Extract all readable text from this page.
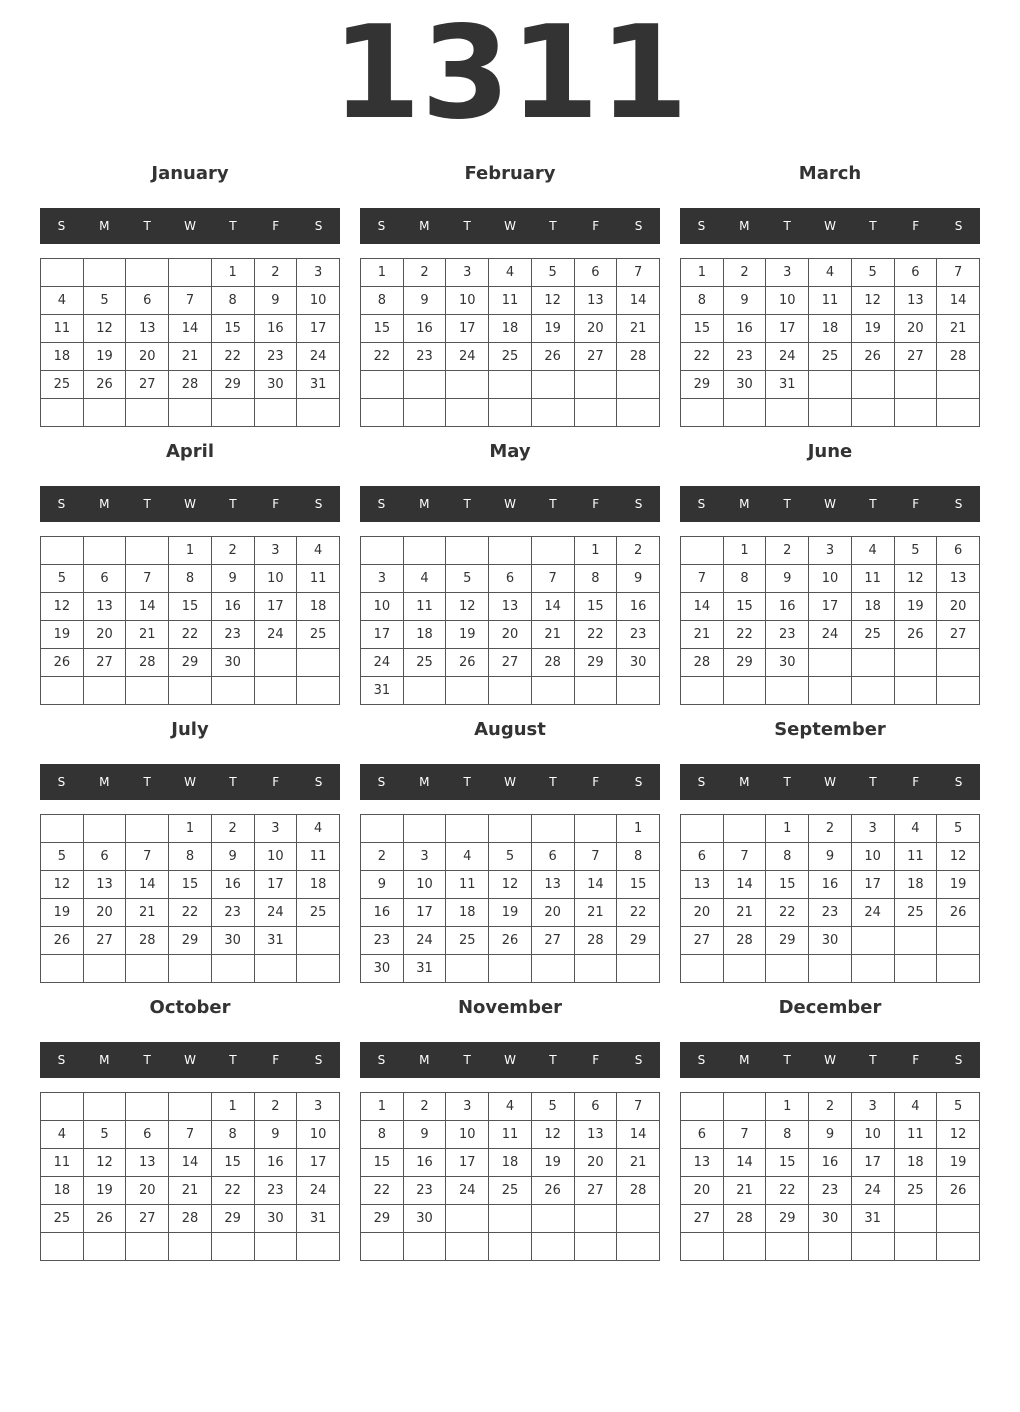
1311
January
S	M	T	W	T	F	S
				1	2	3
4	5	6	7	8	9	10
11	12	13	14	15	16	17
18	19	20	21	22	23	24
25	26	27	28	29	30	31

February
S	M	T	W	T	F	S
1	2	3	4	5	6	7
8	9	10	11	12	13	14
15	16	17	18	19	20	21
22	23	24	25	26	27	28

March
S	M	T	W	T	F	S
1	2	3	4	5	6	7
8	9	10	11	12	13	14
15	16	17	18	19	20	21
22	23	24	25	26	27	28
29	30	31				

April
S	M	T	W	T	F	S
			1	2	3	4
5	6	7	8	9	10	11
12	13	14	15	16	17	18
19	20	21	22	23	24	25
26	27	28	29	30		

May
S	M	T	W	T	F	S
					1	2
3	4	5	6	7	8	9
10	11	12	13	14	15	16
17	18	19	20	21	22	23
24	25	26	27	28	29	30
31						
June
S	M	T	W	T	F	S
	1	2	3	4	5	6
7	8	9	10	11	12	13
14	15	16	17	18	19	20
21	22	23	24	25	26	27
28	29	30				

July
S	M	T	W	T	F	S
			1	2	3	4
5	6	7	8	9	10	11
12	13	14	15	16	17	18
19	20	21	22	23	24	25
26	27	28	29	30	31	

August
S	M	T	W	T	F	S
						1
2	3	4	5	6	7	8
9	10	11	12	13	14	15
16	17	18	19	20	21	22
23	24	25	26	27	28	29
30	31					
September
S	M	T	W	T	F	S
		1	2	3	4	5
6	7	8	9	10	11	12
13	14	15	16	17	18	19
20	21	22	23	24	25	26
27	28	29	30			

October
S	M	T	W	T	F	S
				1	2	3
4	5	6	7	8	9	10
11	12	13	14	15	16	17
18	19	20	21	22	23	24
25	26	27	28	29	30	31

November
S	M	T	W	T	F	S
1	2	3	4	5	6	7
8	9	10	11	12	13	14
15	16	17	18	19	20	21
22	23	24	25	26	27	28
29	30					

December
S	M	T	W	T	F	S
		1	2	3	4	5
6	7	8	9	10	11	12
13	14	15	16	17	18	19
20	21	22	23	24	25	26
27	28	29	30	31		
